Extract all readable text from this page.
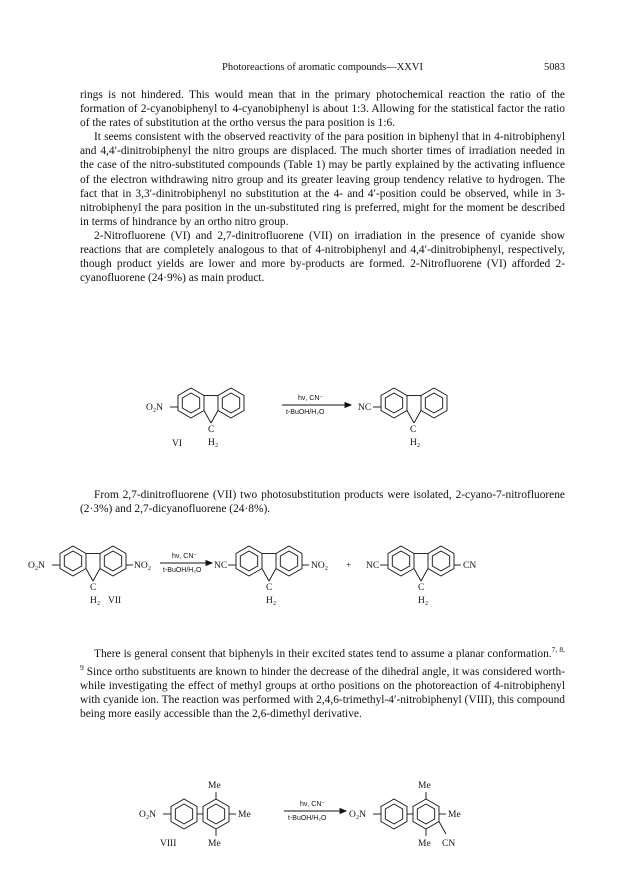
Photoreactions of aromatic compounds—XXVI	5083

rings is not hindered. This would mean that in the primary photochemical reaction the ratio of the formation of 2-cyanobiphenyl to 4-cyanobiphenyl is about 1:3. Allowing for the statistical factor the ratio of the rates of substitution at the ortho versus the para position is 1:6.

It seems consistent with the observed reactivity of the para position in biphenyl that in 4-nitrobiphenyl and 4,4′-dinitrobiphenyl the nitro groups are displaced. The much shorter times of irradiation needed in the case of the nitro-substituted compounds (Table 1) may be partly explained by the activating influence of the electron withdrawing nitro group and its greater leaving group tendency relative to hydrogen. The fact that in 3,3′-dinitrobiphenyl no substitution at the 4- and 4′-position could be observed, while in 3-nitrobiphenyl the para position in the un-substituted ring is preferred, might for the moment be described in terms of hindrance by an ortho nitro group.

2-Nitrofluorene (VI) and 2,7-dinitrofluorene (VII) on irradiation in the presence of cyanide show reactions that are completely analogous to that of 4-nitrobiphenyl and 4,4′-dinitrobiphenyl, respectively, though product yields are lower and more by-products are formed. 2-Nitrofluorene (VI) afforded 2-cyanofluorene (24·9%) as main product.

From 2,7-dinitrofluorene (VII) two photosubstitution products were isolated, 2-cyano-7-nitrofluorene (2·3%) and 2,7-dicyanofluorene (24·8%).

There is general consent that biphenyls in their excited states tend to assume a planar conformation.$^{7, 8, 9}$ Since ortho substituents are known to hinder the decrease of the dihedral angle, it was considered worth-while investigating the effect of methyl groups at ortho positions on the photoreaction of 4-nitrobiphenyl with cyanide ion. The reaction was performed with 2,4,6-trimethyl-4′-nitrobiphenyl (VIII), this compound being more easily accessible than the 2,6-dimethyl derivative.

O₂N
C
H₂
VI
hν, CN⁻
t-BuOH/H₂O	NC
C
H₂
O₂N	NO₂
C
H₂ VII
hν, CN⁻
t-BuOH/H₂O NC	NO₂
C
H₂
+ NC	CN
C
H₂
O₂N
Me
Me
Me
VIII
hν, CN⁻
t-BuOH/H₂O O₂N
Me
Me
Me
CN
